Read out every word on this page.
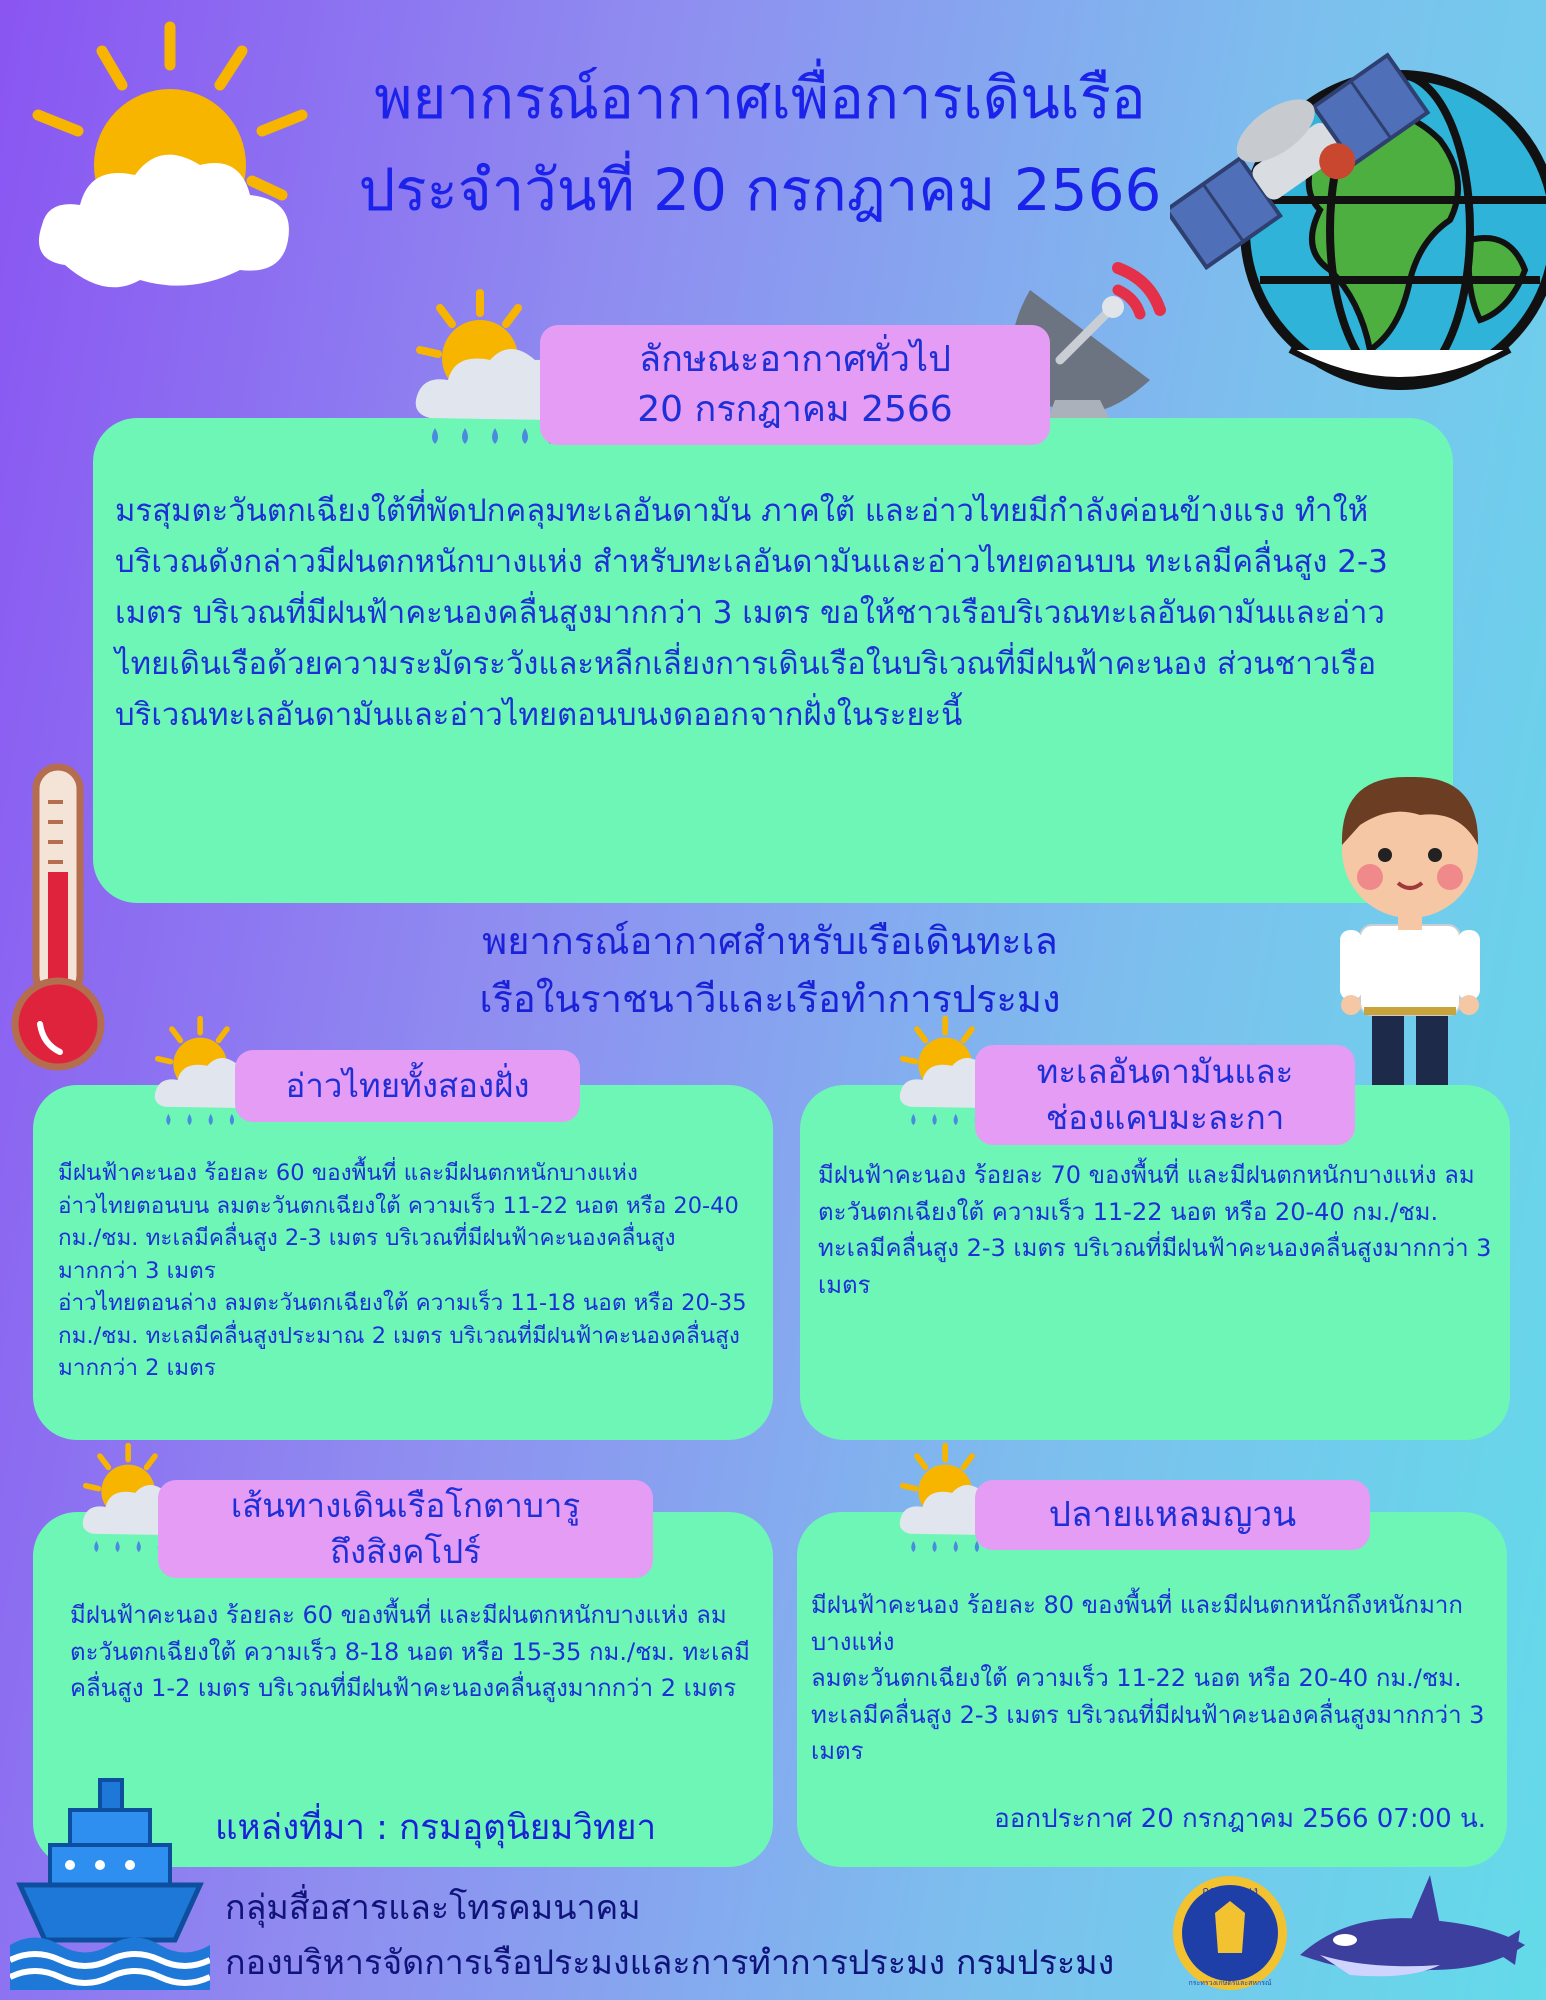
พยากรณ์อากาศเพื่อการเดินเรือ
ประจำวันที่ 20 กรกฎาคม 2566
มรสุมตะวันตกเฉียงใต้ที่พัดปกคลุมทะเลอันดามัน ภาคใต้ และอ่าวไทยมีกำลังค่อนข้างแรง ทำให้บริเวณดังกล่าวมีฝนตกหนักบางแห่ง สำหรับทะเลอันดามันและอ่าวไทยตอนบน ทะเลมีคลื่นสูง 2-3 เมตร บริเวณที่มีฝนฟ้าคะนองคลื่นสูงมากกว่า 3 เมตร ขอให้ชาวเรือบริเวณทะเลอันดามันและอ่าวไทยเดินเรือด้วยความระมัดระวังและหลีกเลี่ยงการเดินเรือในบริเวณที่มีฝนฟ้าคะนอง ส่วนชาวเรือบริเวณทะเลอันดามันและอ่าวไทยตอนบนงดออกจากฝั่งในระยะนี้
ลักษณะอากาศทั่วไป
20 กรกฎาคม 2566
พยากรณ์อากาศสำหรับเรือเดินทะเล
เรือในราชนาวีและเรือทำการประมง

มีฝนฟ้าคะนอง ร้อยละ 60 ของพื้นที่ และมีฝนตกหนักบางแห่ง

อ่าวไทยตอนบน ลมตะวันตกเฉียงใต้ ความเร็ว 11-22 นอต หรือ 20-40 กม./ชม. ทะเลมีคลื่นสูง 2-3 เมตร บริเวณที่มีฝนฟ้าคะนองคลื่นสูงมากกว่า 3 เมตร

อ่าวไทยตอนล่าง ลมตะวันตกเฉียงใต้ ความเร็ว 11-18 นอต หรือ 20-35 กม./ชม. ทะเลมีคลื่นสูงประมาณ 2 เมตร บริเวณที่มีฝนฟ้าคะนองคลื่นสูงมากกว่า 2 เมตร

อ่าวไทยทั้งสองฝั่ง

มีฝนฟ้าคะนอง ร้อยละ 70 ของพื้นที่ และมีฝนตกหนักบางแห่ง ลมตะวันตกเฉียงใต้ ความเร็ว 11-22 นอต หรือ 20-40 กม./ชม. ทะเลมีคลื่นสูง 2-3 เมตร บริเวณที่มีฝนฟ้าคะนองคลื่นสูงมากกว่า 3 เมตร

ทะเลอันดามันและ
ช่องแคบมะละกา

มีฝนฟ้าคะนอง ร้อยละ 60 ของพื้นที่ และมีฝนตกหนักบางแห่ง ลมตะวันตกเฉียงใต้ ความเร็ว 8-18 นอต หรือ 15-35 กม./ชม. ทะเลมีคลื่นสูง 1-2 เมตร บริเวณที่มีฝนฟ้าคะนองคลื่นสูงมากกว่า 2 เมตร

เส้นทางเดินเรือโกตาบารู
ถึงสิงคโปร์
แหล่งที่มา : กรมอุตุนิยมวิทยา

มีฝนฟ้าคะนอง ร้อยละ 80 ของพื้นที่ และมีฝนตกหนักถึงหนักมากบางแห่ง

ลมตะวันตกเฉียงใต้ ความเร็ว 11-22 นอต หรือ 20-40 กม./ชม. ทะเลมีคลื่นสูง 2-3 เมตร บริเวณที่มีฝนฟ้าคะนองคลื่นสูงมากกว่า 3 เมตร

ปลายแหลมญวน
ออกประกาศ 20 กรกฎาคม 2566 07:00 น.
กลุ่มสื่อสารและโทรคมนาคม
กองบริหารจัดการเรือประมงและการทำการประมง กรมประมง
กรมประมง
กระทรวงเกษตรและสหกรณ์
